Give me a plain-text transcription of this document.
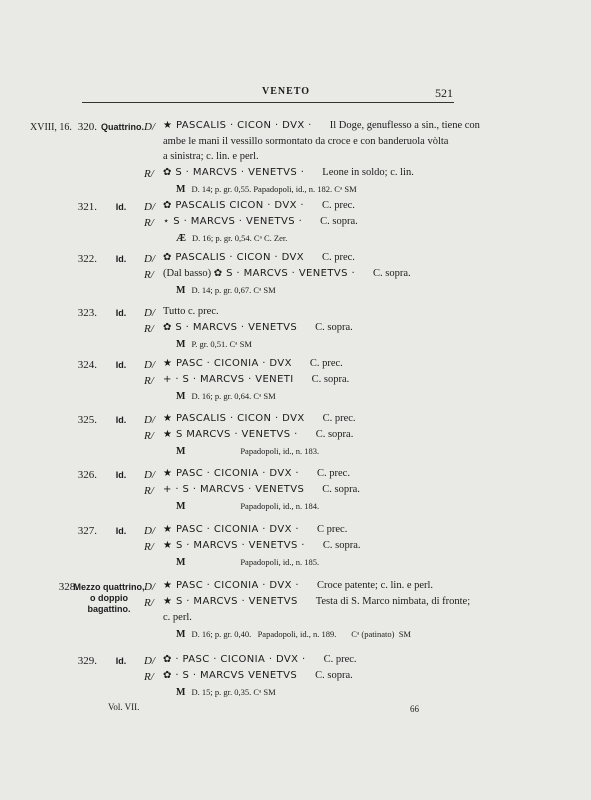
VENETO	521
XVIII, 16. 320. Quattrino. D/ ★ PASCALIS · CICON · DVX · Il Doge, genuflesso a sin., tiene con
ambe le mani il vessillo sormontato da croce e con banderuola vòlta
a sinistra; c. lin. e perl.
R/ ✿ S · MARCVS · VENETVS · Leone in soldo; c. lin.
M D. 14; p. gr. 0,55. Papadopoli, id., n. 182. Cᵃ SM
321.	Id.	D/ ✿ PASCALIS CICON · DVX · C. prec.
R/ ⋆ S · MARCVS · VENETVS · C. sopra.
Æ D. 16; p. gr. 0,54. Cᵃ C. Zer.
322.	Id.	D/ ✿ PASCALIS · CICON · DVX C. prec.
R/ (Dal basso) ✿ S · MARCVS · VENETVS · C. sopra.
M D. 14; p. gr. 0,67. Cᵃ SM
323.	Id.	D/ Tutto c. prec.
R/ ✿ S · MARCVS · VENETVS C. sopra.
M P. gr. 0,51. Cᵃ SM
324.	Id.	D/ ★ PASC · CICONIA · DVX C. prec.
R/ + · S · MARCVS · VENETI C. sopra.
M D. 16; p. gr. 0,64. Cᵃ SM
325.	Id.	D/ ★ PASCALIS · CICON · DVX C. prec.
R/ ★ S MARCVS · VENETVS · C. sopra.
M                       Papadopoli, id., n. 183.
326.	Id.	D/ ★ PASC · CICONIA · DVX · C. prec.
R/ + · S · MARCVS · VENETVS C. sopra.
M                       Papadopoli, id., n. 184.
327.	Id.	D/ ★ PASC · CICONIA · DVX · C prec.
R/ ★ S · MARCVS · VENETVS · C. sopra.
M                       Papadopoli, id., n. 185.
328.
Mezzo quattrino, o doppio bagattino.
D/ ★ PASC · CICONIA · DVX · Croce patente; c. lin. e perl.
R/ ★ S · MARCVS · VENETVS Testa di S. Marco nimbata, di fronte;
c. perl.
M D. 16; p. gr. 0,40.   Papadopoli, id., n. 189.       Cᵃ (patinato)  SM
329.	Id.	D/ ✿ · PASC · CICONIA · DVX · C. prec.
R/ ✿ · S · MARCVS VENETVS C. sopra.
M D. 15; p. gr. 0,35. Cᵃ SM
Vol. VII.	66
